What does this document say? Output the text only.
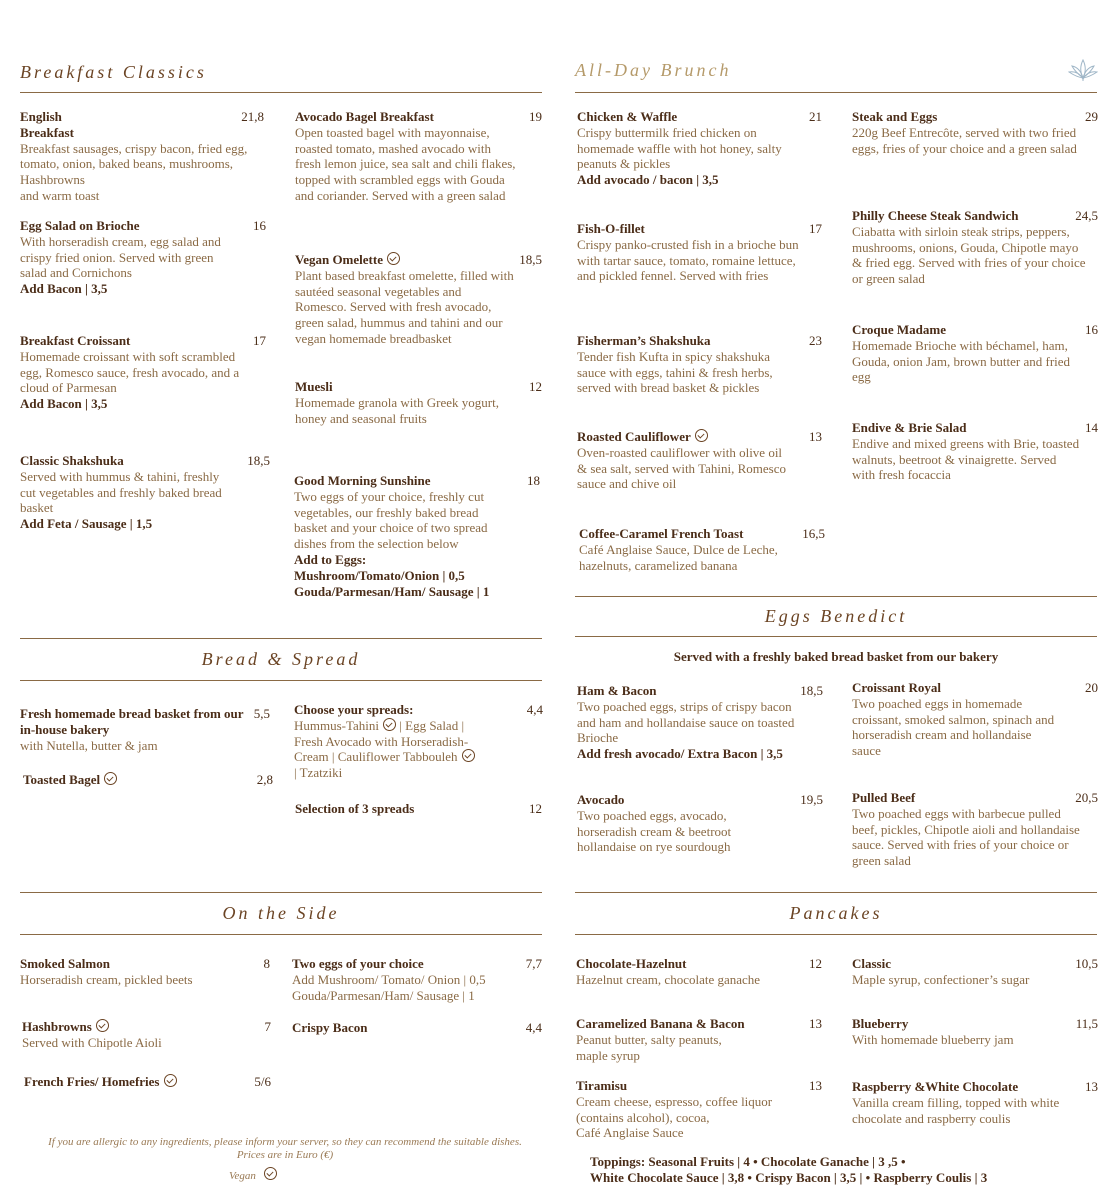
Breakfast Classics	All-Day Brunch
English
Breakfast
Breakfast sausages, crispy bacon, fried egg, tomato, onion, baked beans, mushrooms, Hashbrowns
and warm toast
21,8
Egg Salad on Brioche
With horseradish cream, egg salad and crispy fried onion. Served with green salad and Cornichons
Add Bacon | 3,5
16
Breakfast Croissant
Homemade croissant with soft scrambled egg, Romesco sauce, fresh avocado, and a cloud of Parmesan
Add Bacon | 3,5
17
Classic Shakshuka
Served with hummus & tahini, freshly cut vegetables and freshly baked bread basket
Add Feta / Sausage | 1,5
18,5
Avocado Bagel Breakfast
Open toasted bagel with mayonnaise, roasted tomato, mashed avocado with fresh lemon juice, sea salt and chili flakes, topped with scrambled eggs with Gouda and coriander. Served with a green salad
19
Vegan Omelette
Plant based breakfast omelette, filled with sautéed seasonal vegetables and Romesco. Served with fresh avocado, green salad, hummus and tahini and our vegan homemade breadbasket
18,5
Muesli
Homemade granola with Greek yogurt, honey and seasonal fruits
12
Good Morning Sunshine
Two eggs of your choice, freshly cut vegetables, our freshly baked bread basket and your choice of two spread dishes from the selection below
Add to Eggs:
Mushroom/Tomato/Onion | 0,5
Gouda/Parmesan/Ham/ Sausage | 1
18
Chicken & Waffle
Crispy buttermilk fried chicken on homemade waffle with hot honey, salty peanuts & pickles
Add avocado / bacon | 3,5
21
Fish-O-fillet
Crispy panko-crusted fish in a brioche bun with tartar sauce, tomato, romaine lettuce, and pickled fennel. Served with fries
17
Fisherman’s Shakshuka
Tender fish Kufta in spicy shakshuka sauce with eggs, tahini & fresh herbs, served with bread basket & pickles
23
Roasted Cauliflower
Oven-roasted cauliflower with olive oil & sea salt, served with Tahini, Romesco sauce and chive oil
13
Coffee-Caramel French Toast
Café Anglaise Sauce, Dulce de Leche, hazelnuts, caramelized banana
16,5
Steak and Eggs
220g Beef Entrecôte, served with two fried eggs, fries of your choice and a green salad
29
Philly Cheese Steak Sandwich
Ciabatta with sirloin steak strips, peppers, mushrooms, onions, Gouda, Chipotle mayo & fried egg. Served with fries of your choice or green salad
24,5
Croque Madame
Homemade Brioche with béchamel, ham, Gouda, onion Jam, brown butter and fried egg
16
Endive & Brie Salad
Endive and mixed greens with Brie, toasted walnuts, beetroot & vinaigrette. Served with fresh focaccia
14
Bread & Spread
Fresh homemade bread basket from our in-house bakery
with Nutella, butter & jam
5,5
Toasted Bagel	2,8
Choose your spreads:
Hummus-Tahini | Egg Salad |
Fresh Avocado with Horseradish-
Cream | Cauliflower Tabbouleh
| Tzatziki
4,4
Selection of 3 spreads	12
Eggs Benedict
Served with a freshly baked bread basket from our bakery
Ham & Bacon
Two poached eggs, strips of crispy bacon and ham and hollandaise sauce on toasted Brioche
Add fresh avocado/ Extra Bacon | 3,5
18,5
Avocado
Two poached eggs, avocado, horseradish cream & beetroot hollandaise on rye sourdough
19,5
Croissant Royal
Two poached eggs in homemade croissant, smoked salmon, spinach and horseradish cream and hollandaise sauce
20
Pulled Beef
Two poached eggs with barbecue pulled beef, pickles, Chipotle aioli and hollandaise sauce. Served with fries of your choice or green salad
20,5
On the Side
Smoked Salmon
Horseradish cream, pickled beets
8
Hashbrowns
Served with Chipotle Aioli
7
French Fries/ Homefries	5/6
Two eggs of your choice
Add Mushroom/ Tomato/ Onion | 0,5
Gouda/Parmesan/Ham/ Sausage | 1
7,7
Crispy Bacon	4,4
Pancakes
Chocolate-Hazelnut
Hazelnut cream, chocolate ganache
12
Caramelized Banana & Bacon
Peanut butter, salty peanuts,
maple syrup
13
Tiramisu
Cream cheese, espresso, coffee liquor (contains alcohol), cocoa,
Café Anglaise Sauce
13
Classic
Maple syrup, confectioner’s sugar
10,5
Blueberry
With homemade blueberry jam
11,5
Raspberry &White Chocolate
Vanilla cream filling, topped with white chocolate and raspberry coulis
13
Toppings: Seasonal Fruits | 4 • Chocolate Ganache | 3 ,5 •
White Chocolate Sauce | 3,8 • Crispy Bacon | 3,5 | • Raspberry Coulis | 3
If you are allergic to any ingredients, please inform your server, so they can recommend the suitable dishes. Prices are in Euro (€)
Vegan
